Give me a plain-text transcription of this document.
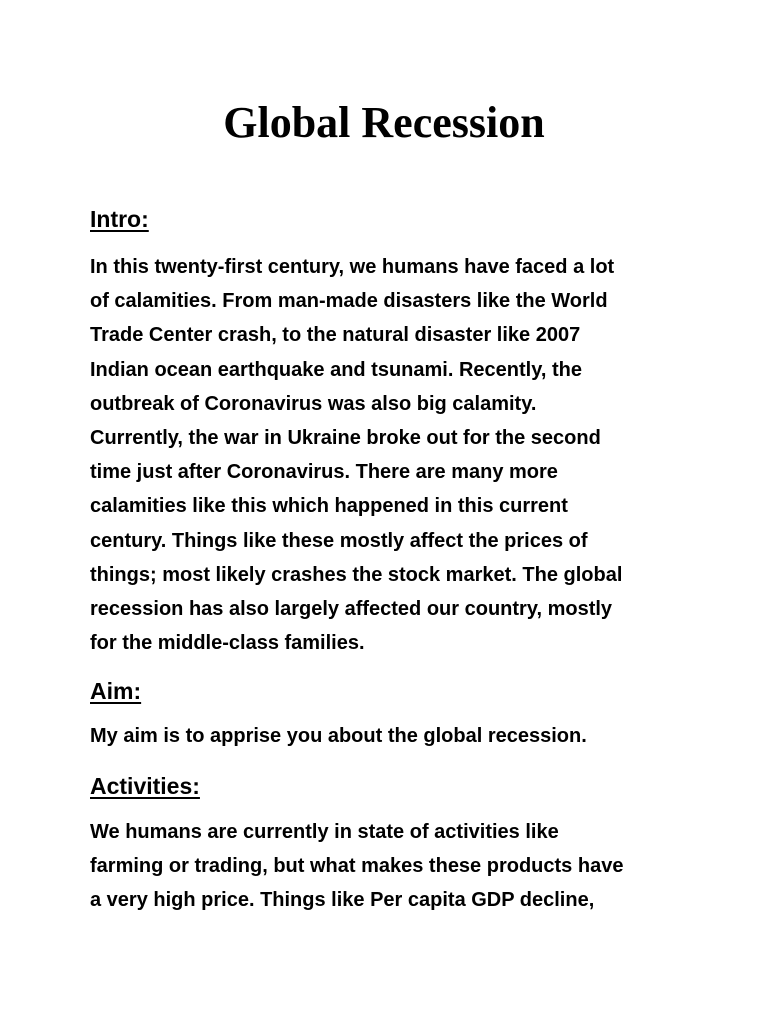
Global Recession
Intro:
In this twenty-first century, we humans have faced a lot
of calamities. From man-made disasters like the World
Trade Center crash, to the natural disaster like 2007
Indian ocean earthquake and tsunami. Recently, the
outbreak of Coronavirus was also big calamity.
Currently, the war in Ukraine broke out for the second
time just after Coronavirus. There are many more
calamities like this which happened in this current
century. Things like these mostly affect the prices of
things; most likely crashes the stock market. The global
recession has also largely affected our country, mostly
for the middle-class families.
Aim:
My aim is to apprise you about the global recession.
Activities:
We humans are currently in state of activities like
farming or trading, but what makes these products have
a very high price. Things like Per capita GDP decline,
